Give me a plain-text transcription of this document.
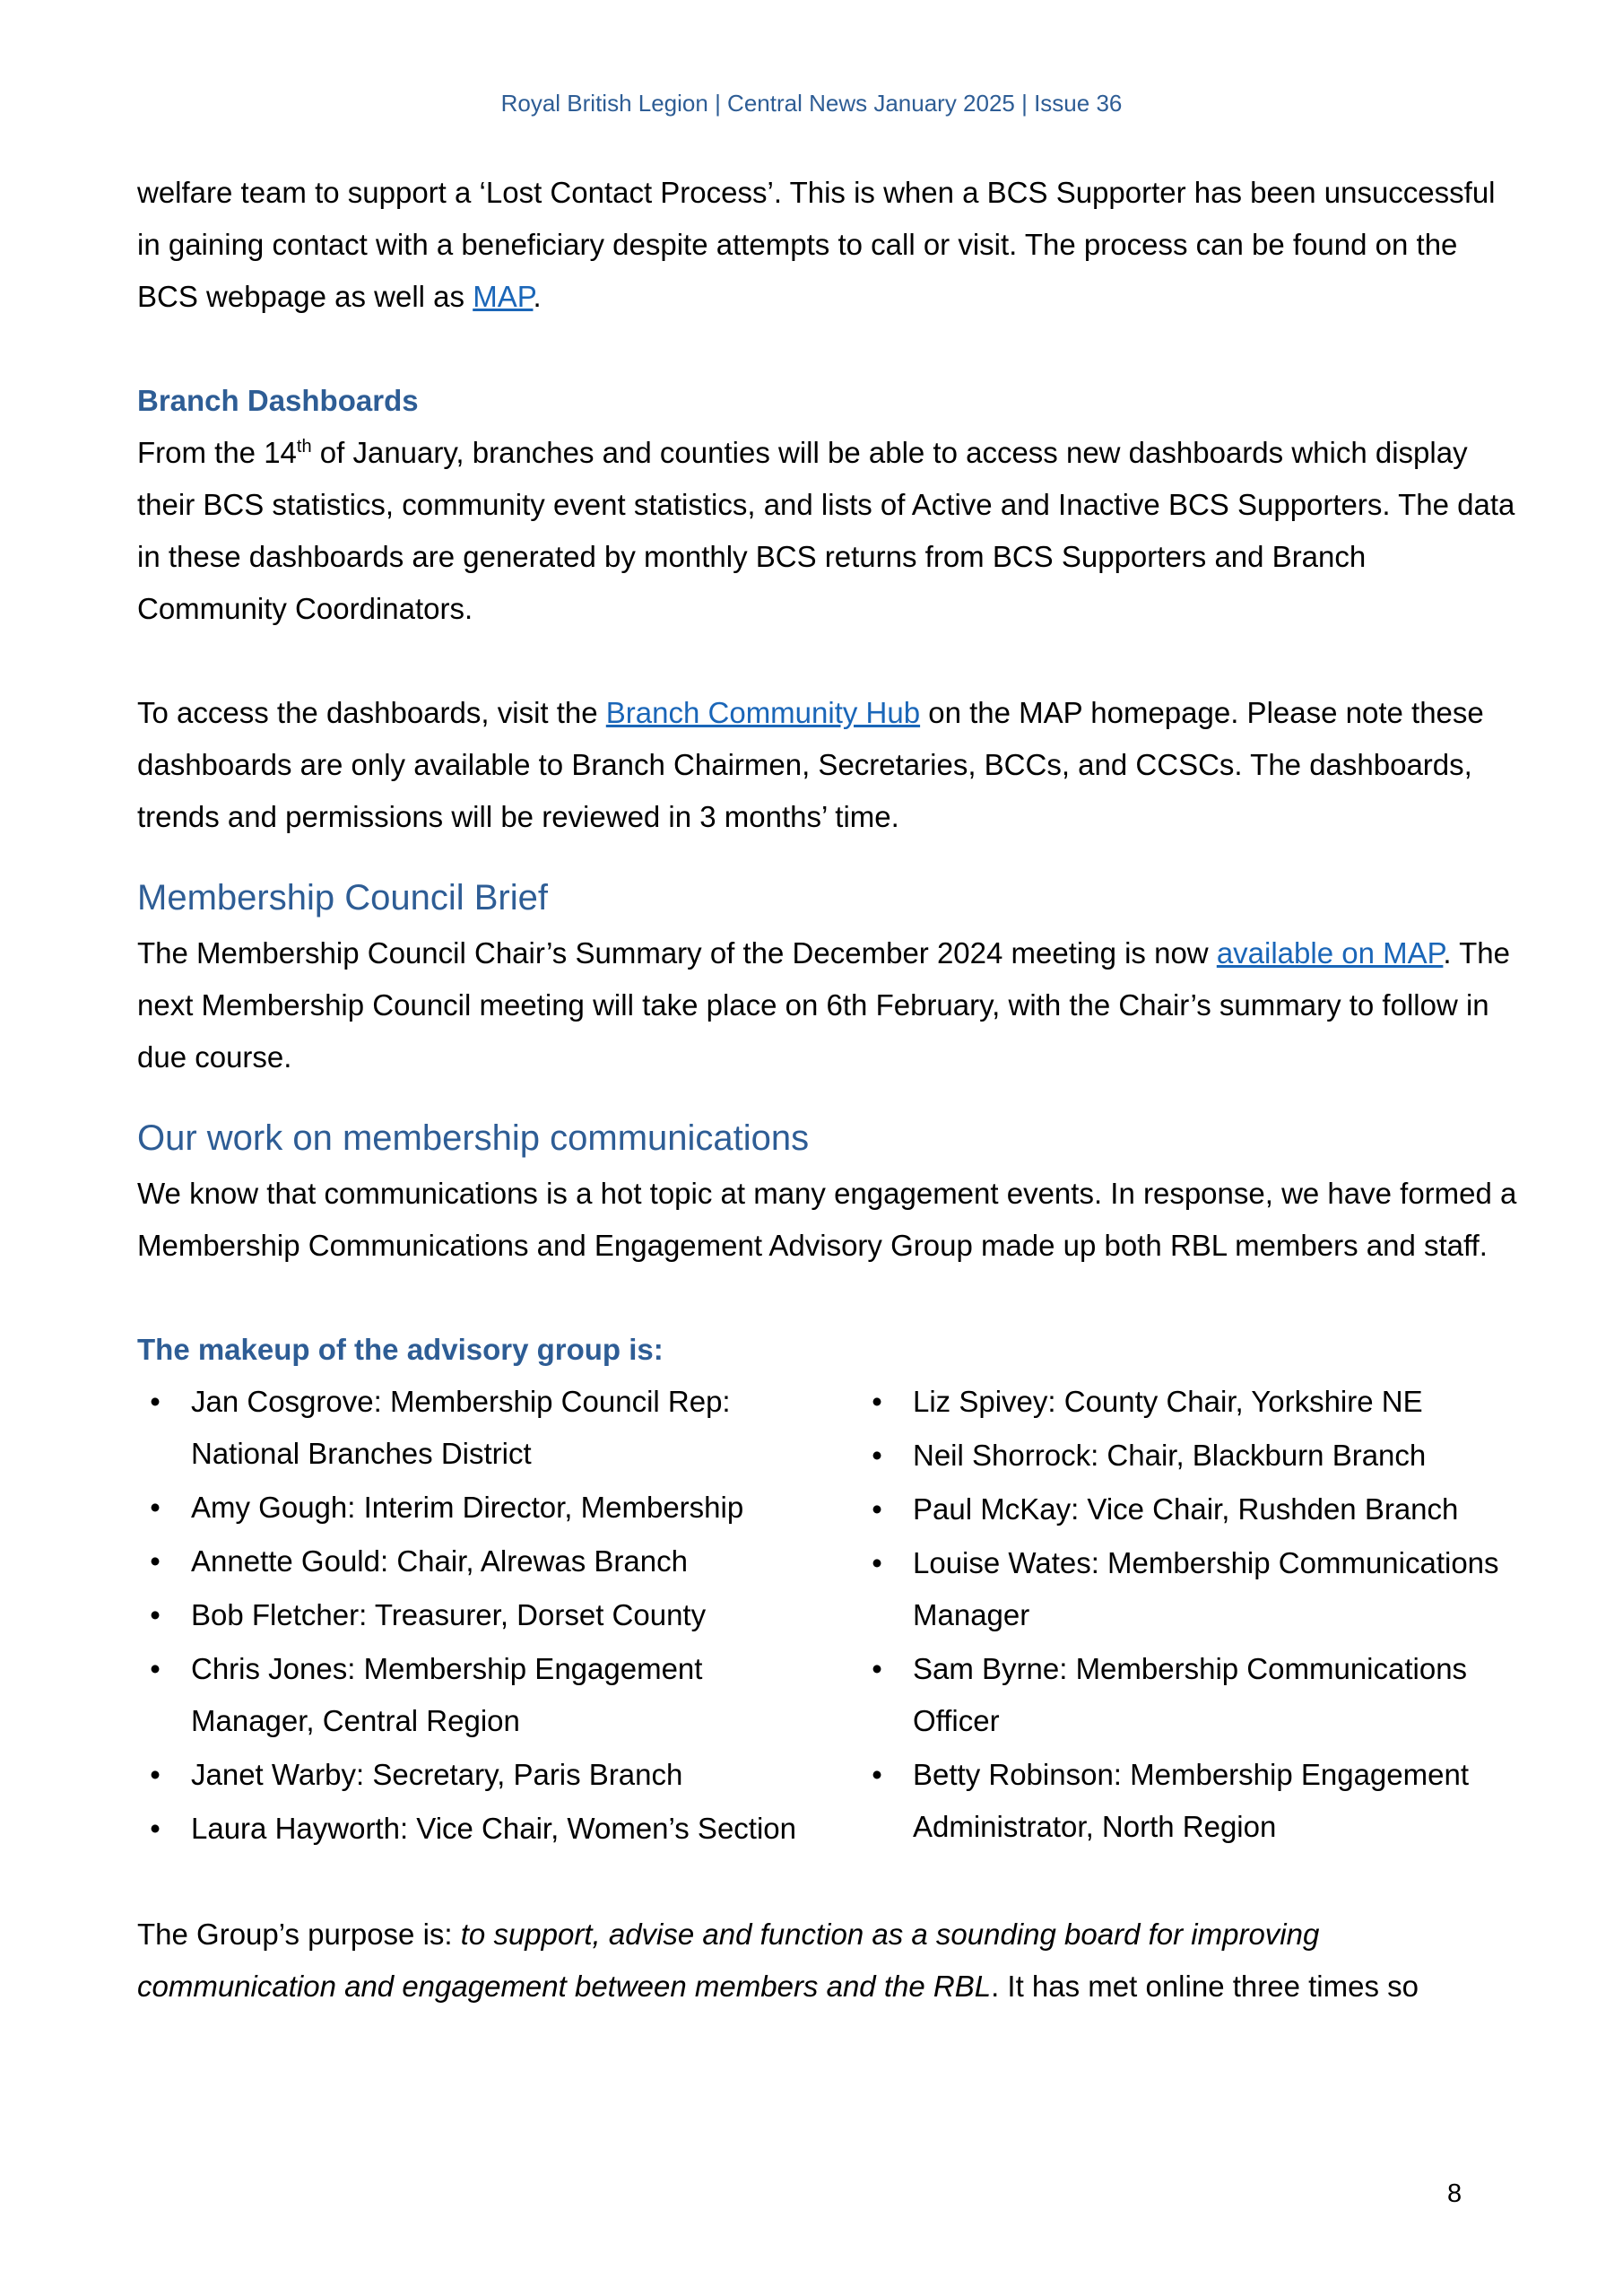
Royal British Legion | Central News January 2025 | Issue 36

welfare team to support a ‘Lost Contact Process’. This is when a BCS Supporter has been unsuccessful in gaining contact with a beneficiary despite attempts to call or visit. The process can be found on the BCS webpage as well as MAP.

Branch Dashboards

From the 14th of January, branches and counties will be able to access new dashboards which display their BCS statistics, community event statistics, and lists of Active and Inactive BCS Supporters. The data in these dashboards are generated by monthly BCS returns from BCS Supporters and Branch Community Coordinators.

To access the dashboards, visit the Branch Community Hub on the MAP homepage. Please note these dashboards are only available to Branch Chairmen, Secretaries, BCCs, and CCSCs. The dashboards, trends and permissions will be reviewed in 3 months’ time.

Membership Council Brief

The Membership Council Chair’s Summary of the December 2024 meeting is now available on MAP. The next Membership Council meeting will take place on 6th February, with the Chair’s summary to follow in due course.

Our work on membership communications

We know that communications is a hot topic at many engagement events. In response, we have formed a Membership Communications and Engagement Advisory Group made up both RBL members and staff.

The makeup of the advisory group is:
• Jan Cosgrove: Membership Council Rep: National Branches District
• Amy Gough: Interim Director, Membership
• Annette Gould: Chair, Alrewas Branch
• Bob Fletcher: Treasurer, Dorset County
• Chris Jones: Membership Engagement Manager, Central Region
• Janet Warby: Secretary, Paris Branch
• Laura Hayworth: Vice Chair, Women’s Section
• Liz Spivey: County Chair, Yorkshire NE
• Neil Shorrock: Chair, Blackburn Branch
• Paul McKay: Vice Chair, Rushden Branch
• Louise Wates: Membership Communications Manager
• Sam Byrne: Membership Communications Officer
• Betty Robinson: Membership Engagement Administrator, North Region

The Group’s purpose is: to support, advise and function as a sounding board for improving communication and engagement between members and the RBL. It has met online three times so

8
